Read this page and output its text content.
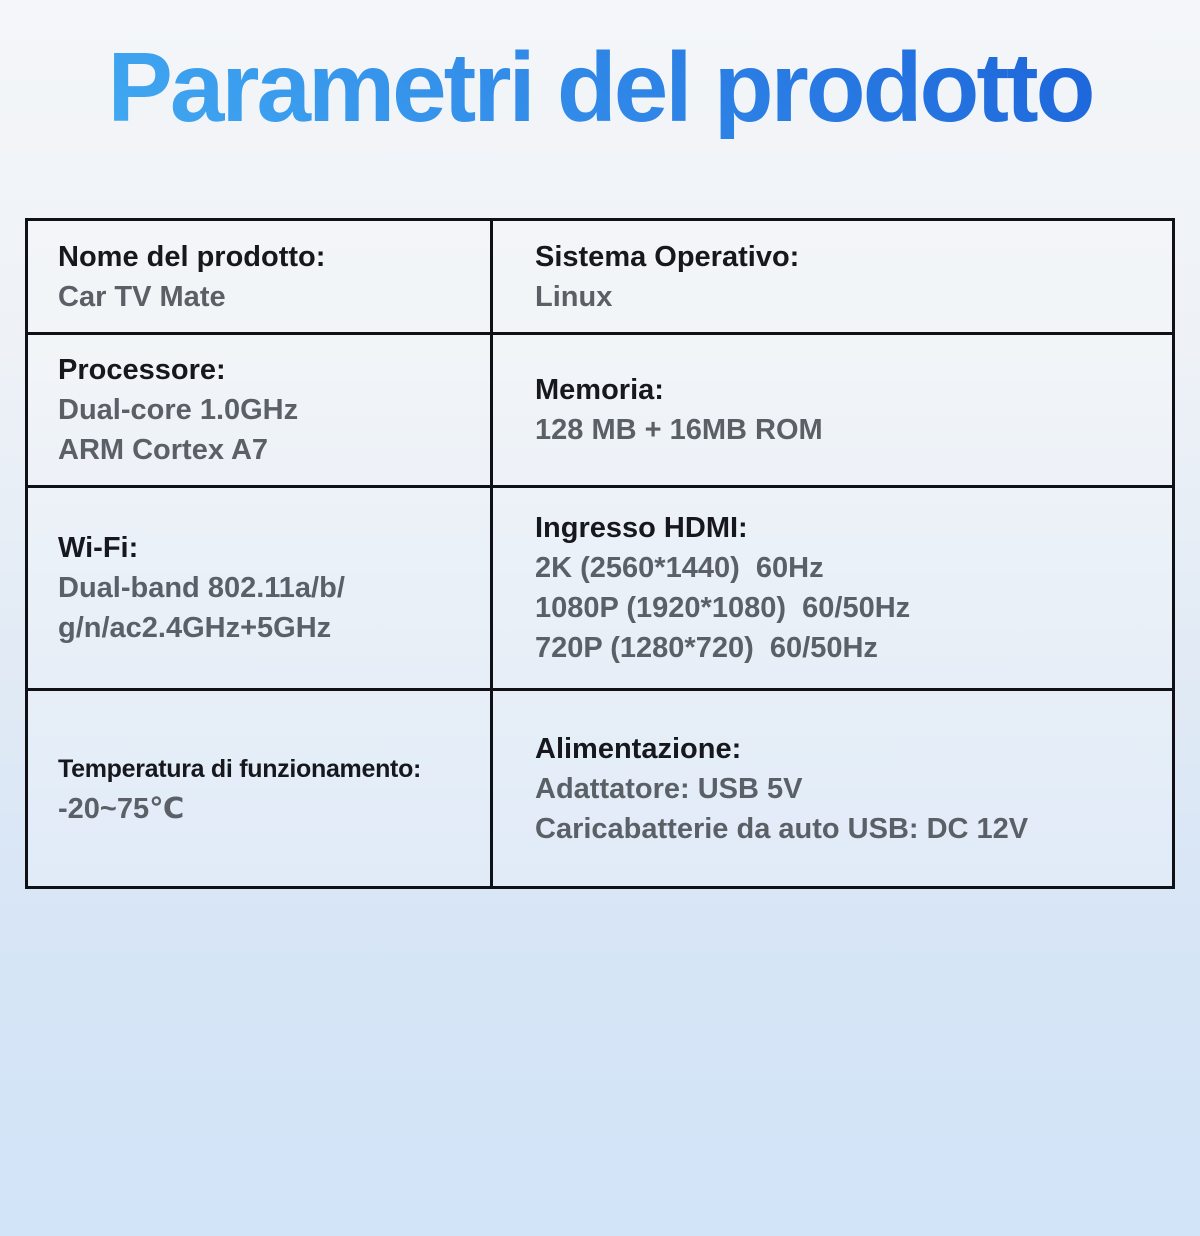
Parametri del prodotto
Nome del prodotto:
Car TV Mate
Sistema Operativo:
Linux
Processore:
Dual-core 1.0GHz
ARM Cortex A7
Memoria:
128 MB + 16MB ROM
Wi-Fi:
Dual-band 802.11a/b/
g/n/ac2.4GHz+5GHz
Ingresso HDMI:
2K (2560*1440)  60Hz
1080P (1920*1080)  60/50Hz
720P (1280*720)  60/50Hz
Temperatura di funzionamento:
-20~75℃
Alimentazione:
Adattatore: USB 5V
Caricabatterie da auto USB: DC 12V
